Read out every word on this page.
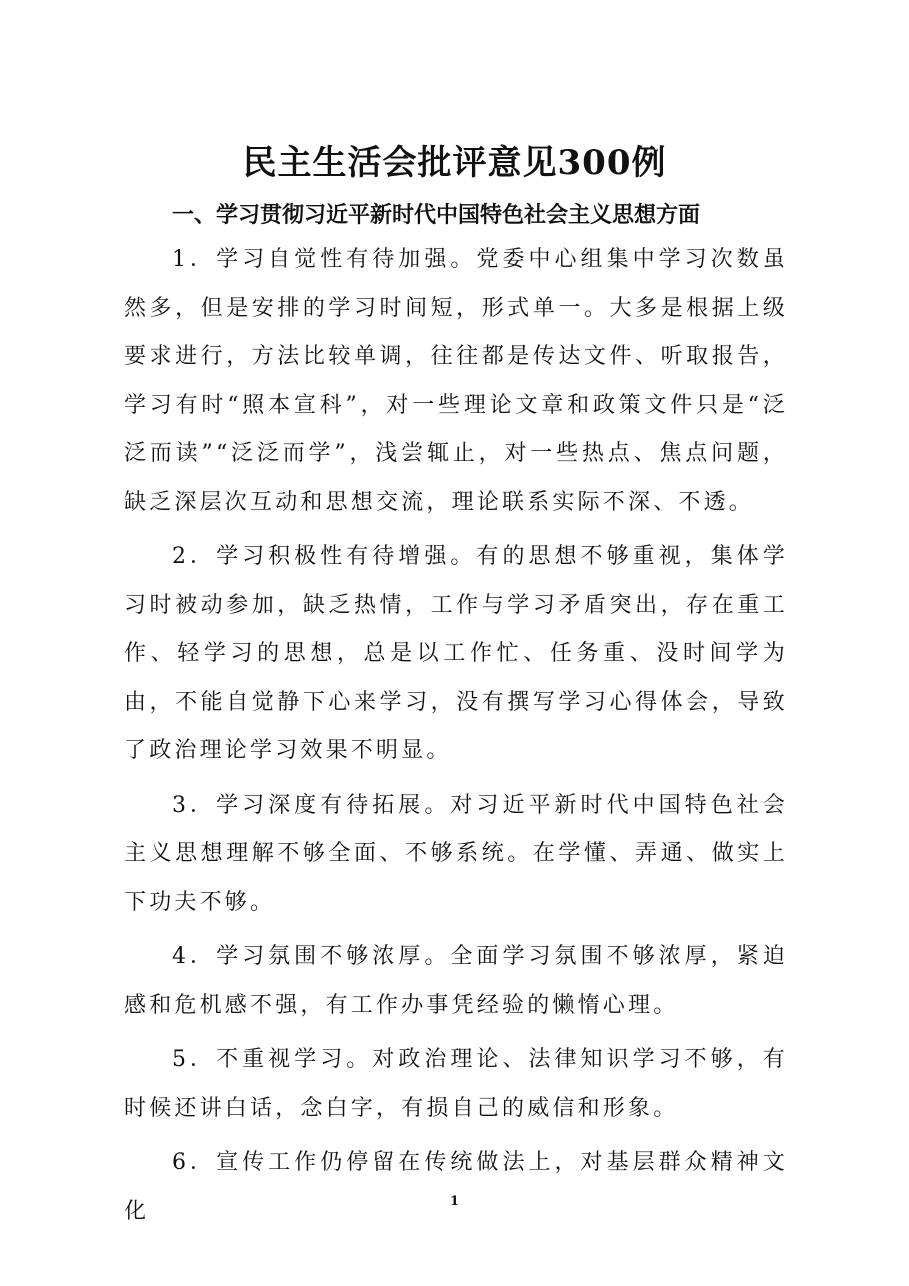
民主生活会批评意见300例
一、学习贯彻习近平新时代中国特色社会主义思想方面

1．学习自觉性有待加强。党委中心组集中学习次数虽然多，但是安排的学习时间短，形式单一。大多是根据上级要求进行，方法比较单调，往往都是传达文件、听取报告，学习有时“照本宣科”，对一些理论文章和政策文件只是“泛泛而读”“泛泛而学”，浅尝辄止，对一些热点、焦点问题，缺乏深层次互动和思想交流，理论联系实际不深、不透。

2．学习积极性有待增强。有的思想不够重视，集体学习时被动参加，缺乏热情，工作与学习矛盾突出，存在重工作、轻学习的思想，总是以工作忙、任务重、没时间学为由，不能自觉静下心来学习，没有撰写学习心得体会，导致了政治理论学习效果不明显。

3．学习深度有待拓展。对习近平新时代中国特色社会主义思想理解不够全面、不够系统。在学懂、弄通、做实上下功夫不够。

4．学习氛围不够浓厚。全面学习氛围不够浓厚，紧迫感和危机感不强，有工作办事凭经验的懒惰心理。

5．不重视学习。对政治理论、法律知识学习不够，有时候还讲白话，念白字，有损自己的威信和形象。

6．宣传工作仍停留在传统做法上，对基层群众精神文化	1
